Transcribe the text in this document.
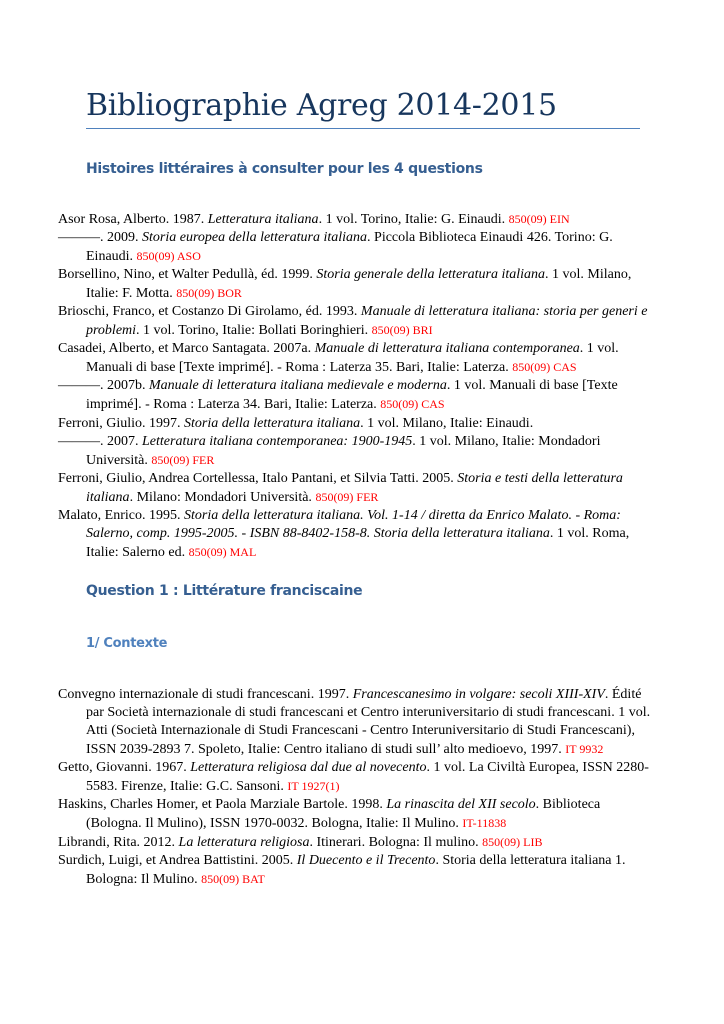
Bibliographie Agreg 2014-2015
Histoires littéraires à consulter pour les 4 questions
Asor Rosa, Alberto. 1987. Letteratura italiana. 1 vol. Torino, Italie: G. Einaudi. 850(09) EIN
———. 2009. Storia europea della letteratura italiana. Piccola Biblioteca Einaudi 426. Torino: G. Einaudi. 850(09) ASO
Borsellino, Nino, et Walter Pedullà, éd. 1999. Storia generale della letteratura italiana. 1 vol. Milano, Italie: F. Motta. 850(09) BOR
Brioschi, Franco, et Costanzo Di Girolamo, éd. 1993. Manuale di letteratura italiana: storia per generi e problemi. 1 vol. Torino, Italie: Bollati Boringhieri. 850(09) BRI
Casadei, Alberto, et Marco Santagata. 2007a. Manuale di letteratura italiana contemporanea. 1 vol. Manuali di base [Texte imprimé]. - Roma : Laterza 35. Bari, Italie: Laterza. 850(09) CAS
———. 2007b. Manuale di letteratura italiana medievale e moderna. 1 vol. Manuali di base [Texte imprimé]. - Roma : Laterza 34. Bari, Italie: Laterza. 850(09) CAS
Ferroni, Giulio. 1997. Storia della letteratura italiana. 1 vol. Milano, Italie: Einaudi.
———. 2007. Letteratura italiana contemporanea: 1900-1945. 1 vol. Milano, Italie: Mondadori Università. 850(09) FER
Ferroni, Giulio, Andrea Cortellessa, Italo Pantani, et Silvia Tatti. 2005. Storia e testi della letteratura italiana. Milano: Mondadori Università. 850(09) FER
Malato, Enrico. 1995. Storia della letteratura italiana. Vol. 1-14 / diretta da Enrico Malato. - Roma: Salerno, comp. 1995-2005. - ISBN 88-8402-158-8. Storia della letteratura italiana. 1 vol. Roma, Italie: Salerno ed. 850(09) MAL
Question 1 : Littérature franciscaine
1/ Contexte
Convegno internazionale di studi francescani. 1997. Francescanesimo in volgare: secoli XIII-XIV. Édité par Società internazionale di studi francescani et Centro interuniversitario di studi francescani. 1 vol. Atti (Società Internazionale di Studi Francescani - Centro Interuniversitario di Studi Francescani), ISSN 2039-2893 7. Spoleto, Italie: Centro italiano di studi sull’ alto medioevo, 1997. IT 9932
Getto, Giovanni. 1967. Letteratura religiosa dal due al novecento. 1 vol. La Civiltà Europea, ISSN 2280-5583. Firenze, Italie: G.C. Sansoni. IT 1927(1)
Haskins, Charles Homer, et Paola Marziale Bartole. 1998. La rinascita del XII secolo. Biblioteca (Bologna. Il Mulino), ISSN 1970-0032. Bologna, Italie: Il Mulino. IT-11838
Librandi, Rita. 2012. La letteratura religiosa. Itinerari. Bologna: Il mulino. 850(09) LIB
Surdich, Luigi, et Andrea Battistini. 2005. Il Duecento e il Trecento. Storia della letteratura italiana 1. Bologna: Il Mulino. 850(09) BAT
